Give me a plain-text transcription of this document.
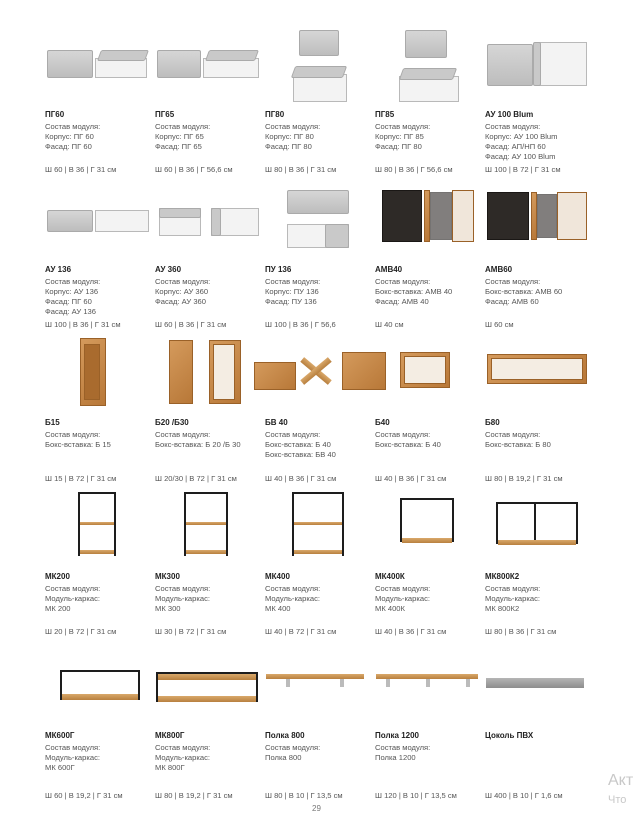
ПГ60
Состав модуля:
Корпус: ПГ 60
Фасад: ПГ 60
Ш 60 | В 36 | Г 31 см
ПГ65
Состав модуля:
Корпус: ПГ 65
Фасад: ПГ 65
Ш 60 | В 36 | Г 56,6 см
ПГ80
Состав модуля:
Корпус: ПГ 80
Фасад: ПГ 80
Ш 80 | В 36 | Г 31 см
ПГ85
Состав модуля:
Корпус: ПГ 85
Фасад: ПГ 80
Ш 80 | В 36 | Г 56,6 см
АУ 100 Blum
Состав модуля:
Корпус: АУ 100 Blum
Фасад: АП/НП 60
Фасад: АУ 100 Blum
Ш 100 | В 72 | Г 31 см
АУ 136
Состав модуля:
Корпус: АУ 136
Фасад: ПГ 60
Фасад: АУ 136
Ш 100 | В 36 | Г 31 см
АУ 360
Состав модуля:
Корпус: АУ 360
Фасад: АУ 360
Ш 60 | В 36 | Г 31 см
ПУ 136
Состав модуля:
Корпус: ПУ 136
Фасад: ПУ 136
Ш 100 | В 36 | Г 56,6
АМВ40
Состав модуля:
Бокс-вставка: АМВ 40
Фасад: АМВ 40
Ш 40 см
АМВ60
Состав модуля:
Бокс-вставка: АМВ 60
Фасад: АМВ 60
Ш 60 см
Б15
Состав модуля:
Бокс-вставка: Б 15
Ш 15 | В 72 | Г 31 см
Б20 /Б30
Состав модуля:
Бокс-вставка: Б 20 /Б 30
Ш 20/30 | В 72 | Г 31 см
БВ 40
Состав модуля:
Бокс-вставка: Б 40
Бокс-вставка: БВ 40
Ш 40 | В 36 | Г 31 см
Б40
Состав модуля:
Бокс-вставка: Б 40
Ш 40 | В 36 | Г 31 см
Б80
Состав модуля:
Бокс-вставка: Б 80
Ш 80 | В 19,2 | Г 31 см
МК200
Состав модуля:
Модуль-каркас:
МК 200
Ш 20 | В 72 | Г 31 см
МК300
Состав модуля:
Модуль-каркас:
МК 300
Ш 30 | В 72 | Г 31 см
МК400
Состав модуля:
Модуль-каркас:
МК 400
Ш 40 | В 72 | Г 31 см
МК400К
Состав модуля:
Модуль-каркас:
МК 400К
Ш 40 | В 36 | Г 31 см
МК800К2
Состав модуля:
Модуль-каркас:
МК 800К2
Ш 80 | В 36 | Г 31 см
МК600Г
Состав модуля:
Модуль-каркас:
МК 600Г
Ш 60 | В 19,2 | Г 31 см
МК800Г
Состав модуля:
Модуль-каркас:
МК 800Г
Ш 80 | В 19,2 | Г 31 см
Полка 800
Состав модуля:
Полка 800
Ш 80 | В 10 | Г 13,5 см
Полка 1200
Состав модуля:
Полка 1200
Ш 120 | В 10 | Г 13,5 см
Цоколь ПВХ
Ш 400 | В 10 | Г 1,6 см
29
Акт
Что
